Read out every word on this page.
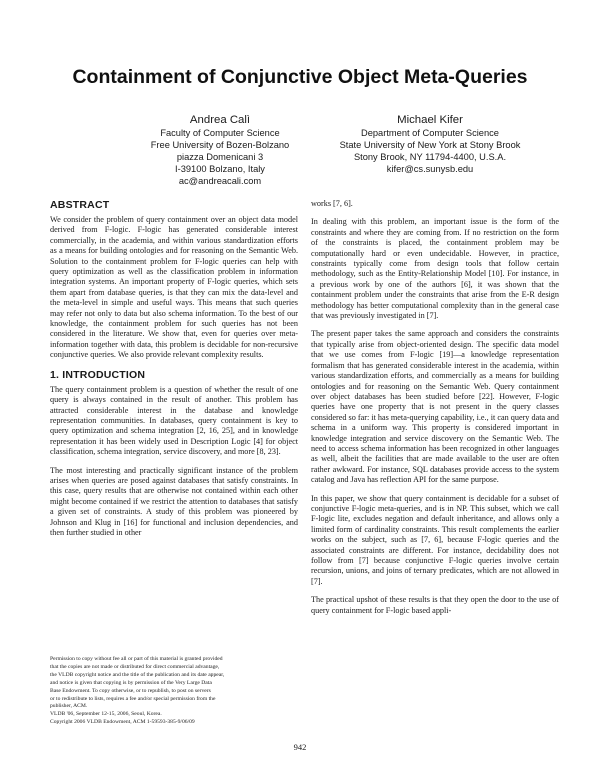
Containment of Conjunctive Object Meta-Queries
Andrea Calì
Faculty of Computer Science
Free University of Bozen-Bolzano
piazza Domenicani 3
I-39100 Bolzano, Italy
ac@andreacali.com
Michael Kifer
Department of Computer Science
State University of New York at Stony Brook
Stony Brook, NY 11794-4400, U.S.A.
kifer@cs.sunysb.edu
ABSTRACT

We consider the problem of query containment over an object data model derived from F-logic. F-logic has generated considerable interest commercially, in the academia, and within various standardization efforts as a means for building ontologies and for reasoning on the Semantic Web. Solution to the containment problem for F-logic queries can help with query optimization as well as the classification problem in information integration systems. An important property of F-logic queries, which sets them apart from database queries, is that they can mix the data-level and the meta-level in simple and useful ways. This means that such queries may refer not only to data but also schema information. To the best of our knowledge, the containment problem for such queries has not been considered in the literature. We show that, even for queries over meta-information together with data, this problem is decidable for non-recursive conjunctive queries. We also provide relevant complexity results.

1. INTRODUCTION

The query containment problem is a question of whether the result of one query is always contained in the result of another. This problem has attracted considerable interest in the database and knowledge representation communities. In databases, query containment is key to query optimization and schema integration [2, 16, 25], and in knowledge representation it has been widely used in Description Logic [4] for object classification, schema integration, service discovery, and more [8, 23].

The most interesting and practically significant instance of the problem arises when queries are posed against databases that satisfy constraints. In this case, query results that are otherwise not contained within each other might become contained if we restrict the attention to databases that satisfy a given set of constraints. A study of this problem was pioneered by Johnson and Klug in [16] for functional and inclusion dependencies, and then further studied in other

Permission to copy without fee all or part of this material is granted provided
that the copies are not made or distributed for direct commercial advantage,
the VLDB copyright notice and the title of the publication and its date appear,
and notice is given that copying is by permission of the Very Large Data
Base Endowment. To copy otherwise, or to republish, to post on servers
or to redistribute to lists, requires a fee and/or special permission from the
publisher, ACM.
VLDB '06, September 12-15, 2006, Seoul, Korea.
Copyright 2006 VLDB Endowment, ACM 1-59593-385-9/06/09

works [7, 6].

In dealing with this problem, an important issue is the form of the constraints and where they are coming from. If no restriction on the form of the constraints is placed, the containment problem may be computationally hard or even undecidable. However, in practice, constraints typically come from design tools that follow certain methodology, such as the Entity-Relationship Model [10]. For instance, in a previous work by one of the authors [6], it was shown that the containment problem under the constraints that arise from the E-R design methodology has better computational complexity than in the general case that was previously investigated in [7].

The present paper takes the same approach and considers the constraints that typically arise from object-oriented design. The specific data model that we use comes from F-logic [19]—a knowledge representation formalism that has generated considerable interest in the academia, within various standardization efforts, and commercially as a means for building ontologies and for reasoning on the Semantic Web. Query containment over object databases has been studied before [22]. However, F-logic queries have one property that is not present in the query classes considered so far: it has meta-querying capability, i.e., it can query data and schema in a uniform way. This property is considered important in knowledge integration and service discovery on the Semantic Web. The need to access schema information has been recognized in other languages as well, albeit the facilities that are made available to the user are often rather awkward. For instance, SQL databases provide access to the system catalog and Java has reflection API for the same purpose.

In this paper, we show that query containment is decidable for a subset of conjunctive F-logic meta-queries, and is in NP. This subset, which we call F-logic lite, excludes negation and default inheritance, and allows only a limited form of cardinality constraints. This result complements the earlier works on the subject, such as [7, 6], because F-logic queries and the associated constraints are different. For instance, decidability does not follow from [7] because conjunctive F-logic queries involve certain recursion, unions, and joins of ternary predicates, which are not allowed in [7].

The practical upshot of these results is that they open the door to the use of query containment for F-logic based appli-

942
